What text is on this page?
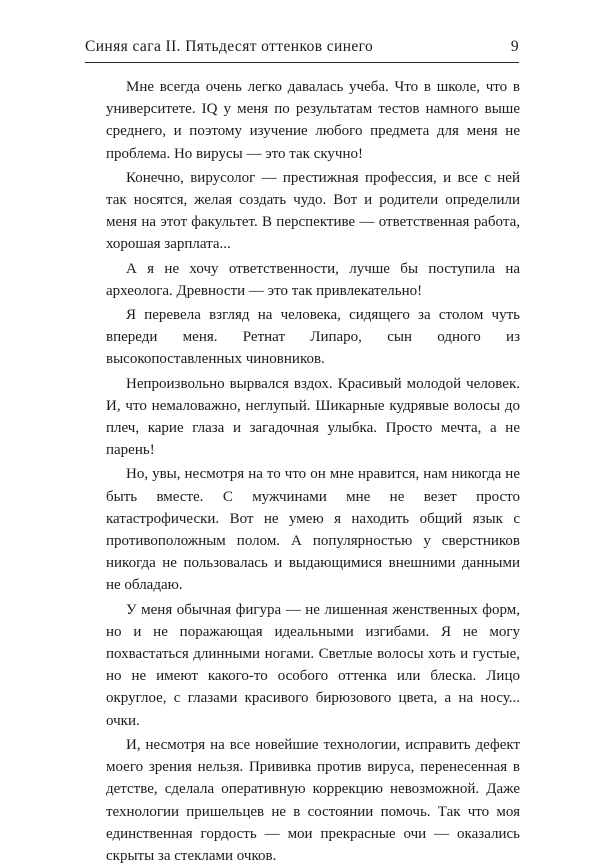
Синяя сага II. Пятьдесят оттенков синего	9

Мне всегда очень легко давалась учеба. Что в школе, что в университете. IQ у меня по результатам тестов намного выше среднего, и поэтому изучение любого предмета для меня не проблема. Но вирусы — это так скучно!

Конечно, вирусолог — престижная профессия, и все с ней так носятся, желая создать чудо. Вот и родители определили меня на этот факультет. В перспективе — ответственная работа, хорошая зарплата...

А я не хочу ответственности, лучше бы поступила на археолога. Древности — это так привлекательно!

Я перевела взгляд на человека, сидящего за столом чуть впереди меня. Ретнат Липаро, сын одного из высокопоставленных чиновников.

Непроизвольно вырвался вздох. Красивый молодой человек. И, что немаловажно, неглупый. Шикарные кудрявые волосы до плеч, карие глаза и загадочная улыбка. Просто мечта, а не парень!

Но, увы, несмотря на то что он мне нравится, нам никогда не быть вместе. С мужчинами мне не везет просто катастрофически. Вот не умею я находить общий язык с противоположным полом. А популярностью у сверстников никогда не пользовалась и выдающимися внешними данными не обладаю.

У меня обычная фигура — не лишенная женственных форм, но и не поражающая идеальными изгибами. Я не могу похвастаться длинными ногами. Светлые волосы хоть и густые, но не имеют какого-то особого оттенка или блеска. Лицо округлое, с глазами красивого бирюзового цвета, а на носу... очки.

И, несмотря на все новейшие технологии, исправить дефект моего зрения нельзя. Прививка против вируса, перенесенная в детстве, сделала оперативную коррекцию невозможной. Даже технологии пришельцев не в состоянии помочь. Так что моя единственная гордость — мои прекрасные очи — оказались скрыты за стеклами очков.
